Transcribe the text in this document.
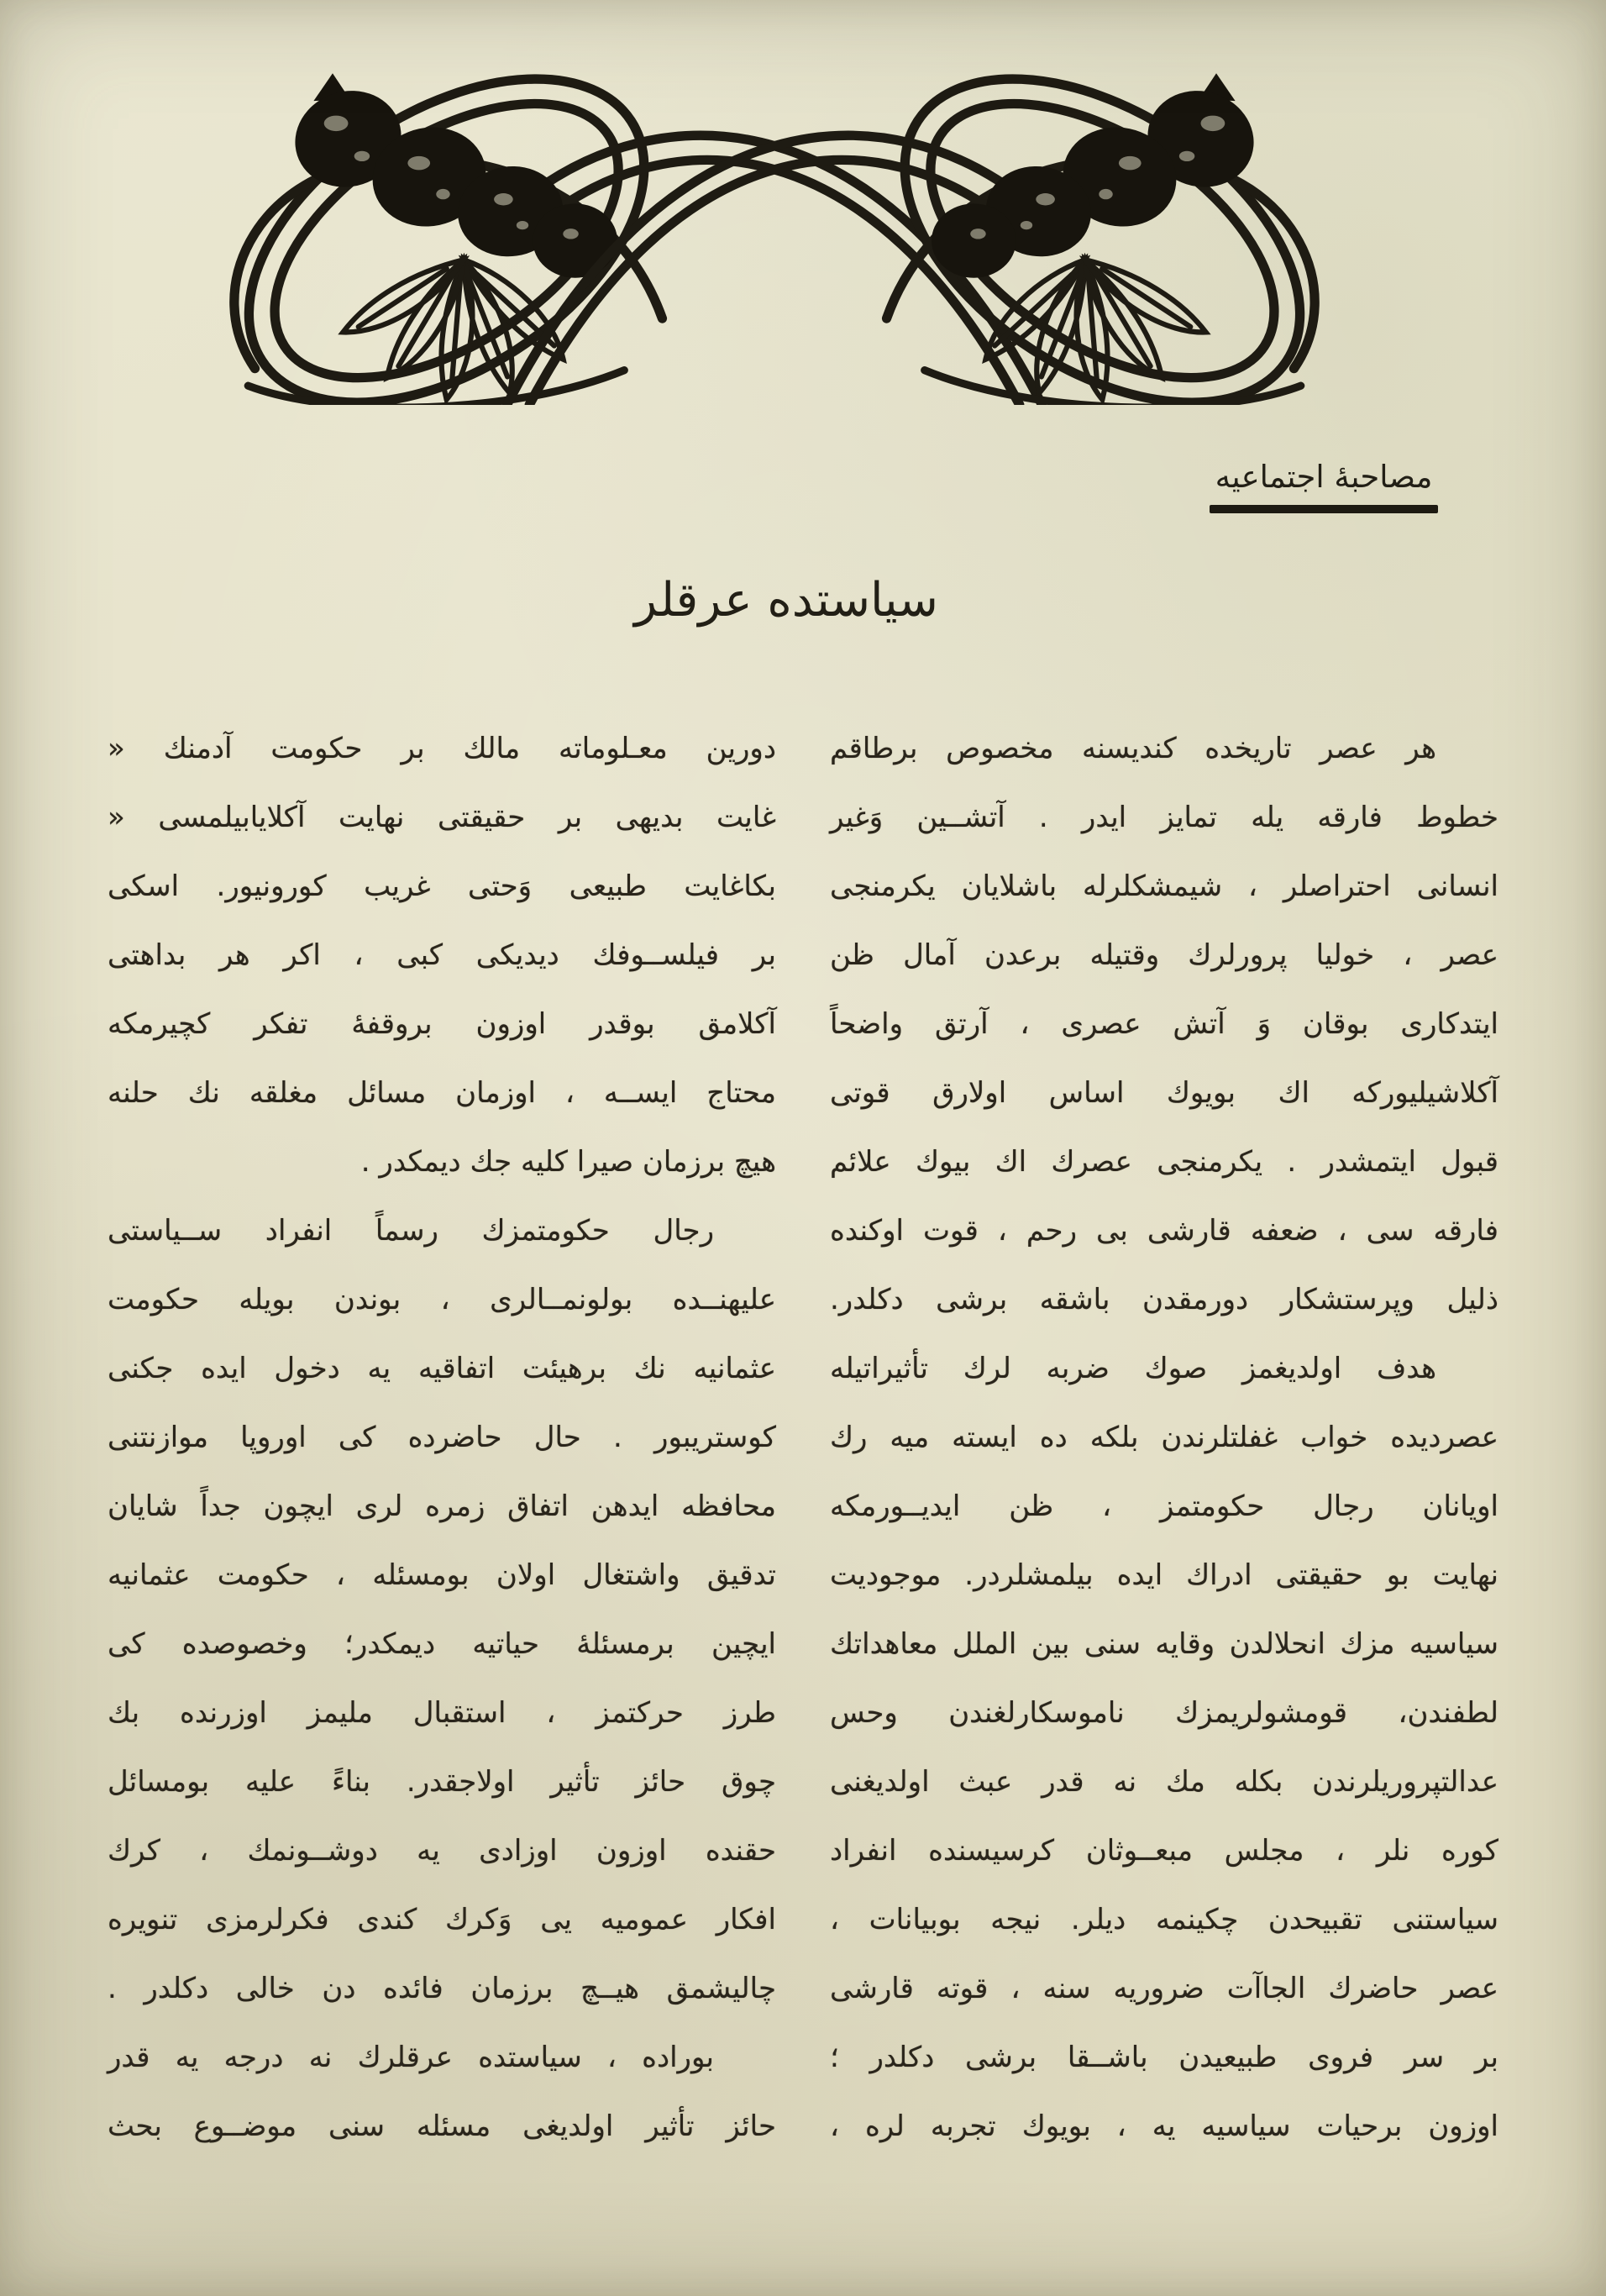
مصاحبهٔ اجتماعيه
سياستده عرقلر
هر عصر تاريخده كنديسنه مخصوص برطاقم
خطوط فارقه يله تمايز ايدر . آتشــين وَغير
انسانى احتراصلر ، شيمشكلرله باشلايان يكرمنجى
عصر ، خوليا پرورلرك وقتيله برعدن آمال ظن
ايتدكارى بوقان وَ آتش عصرى ، آرتق واضحاً
آكلاشيليوركه اك بويوك اساس اولارق قوتى
قبول ايتمشدر . يكرمنجى عصرك اك بيوك علائم
فارقه سى ، ضعفه قارشى بى رحم ، قوت اوكنده
ذليل وپرستشكار دورمقدن باشقه برشى دكلدر.
هدف اولديغمز صوك ضربه لرك تأثيراتيله
عصرديده خواب غفلتلرندن بلكه ده ايسته ميه رك
اويانان رجال حكومتمز ، ظن ايديــورمكه
نهايت بو حقيقتى ادراك ايده بيلمشلردر. موجوديت
سياسيه مزك انحلالدن وقايه سنى بين الملل معاهداتك
لطفندن، قومشولريمزك ناموسكارلغندن وحس
عدالتپروريلرندن بكله مك نه قدر عبث اولديغنى
كوره نلر ، مجلس مبعــوثان كرسيسنده انفراد
سياستنى تقبيحدن چكينمه ديلر. نيجه بوبيانات ،
عصر حاضرك الجاآت ضروريه سنه ، قوته قارشى
بر سر فروى طبيعيدن باشــقا برشى دكلدر ؛
اوزون برحيات سياسيه يه ، بويوك تجربه لره ،
دورين معـلوماته مالك بر حكومت آدمنك «
غايت بديهى بر حقيقتى نهايت آكلايابيلمسى «
بكاغايت طبيعى وَحتى غريب كورونيور. اسكى
بر فيلســوفك ديديكى كبى ، اكر هر بداهتى
آكلامق بوقدر اوزون بروقفهٔ تفكر كچيرمكه
محتاج ايســه ، اوزمان مسائل مغلقه نك حلنه
هيچ برزمان صيرا كليه جك ديمكدر .
رجال حكومتمزك رسماً انفراد ســياستى
عليهنــده بولونمــالرى ، بوندن بويله حكومت
عثمانيه نك برهيئت اتفاقيه يه دخول ايده جكنى
كوستريبور . حال حاضرده كى اوروپا موازنتنى
محافظه ايدهن اتفاق زمره لرى ايچون جداً شايان
تدقيق واشتغال اولان بومسئله ، حكومت عثمانيه
ايچين برمسئلهٔ حياتيه ديمكدر؛ وخصوصده كى
طرز حركتمز ، استقبال مليمز اوزرنده بك
چوق حائز تأثير اولاجقدر. بناءً عليه بومسائل
حقنده اوزون اوزادى يه دوشــونمك ، كرك
افكار عموميه يى وَكرك كندى فكرلرمزى تنويره
چاليشمق هيــچ برزمان فائده دن خالى دكلدر .
بوراده ، سياستده عرقلرك نه درجه يه قدر
حائز تأثير اولديغى مسئله سنى موضــوع بحث
